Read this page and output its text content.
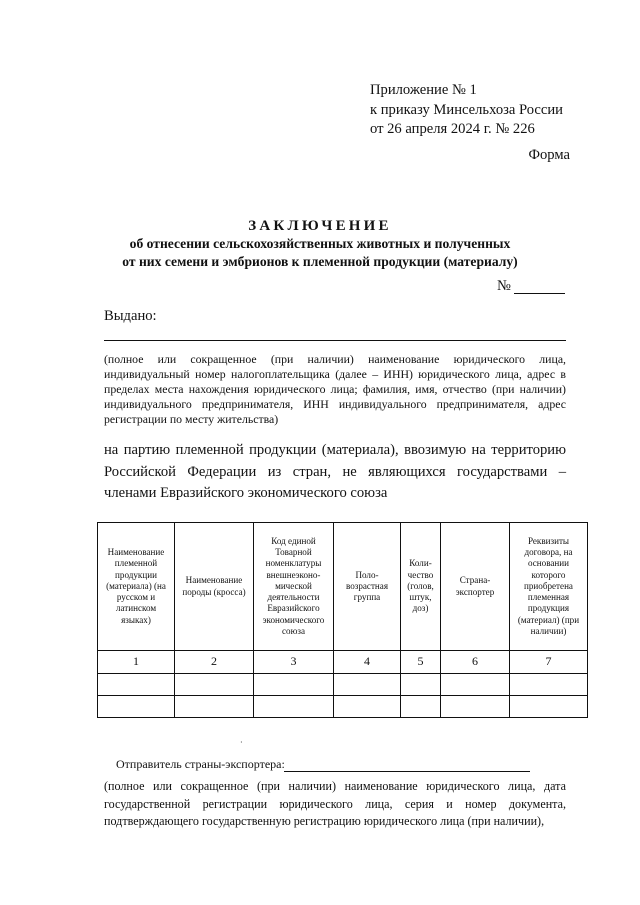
Приложение № 1
к приказу Минсельхоза России
от 26 апреля 2024 г. № 226
Форма
ЗАКЛЮЧЕНИЕ
об отнесении сельскохозяйственных животных и полученных
от них семени и эмбрионов к племенной продукции (материалу)
№
Выдано:
(полное или сокращенное (при наличии) наименование юридического лица, индивидуальный номер налогоплательщика (далее – ИНН) юридического лица, адрес в пределах места нахождения юридического лица; фамилия, имя, отчество (при наличии) индивидуального предпринимателя, ИНН индивидуального предпринимателя, адрес регистрации по месту жительства)
на партию племенной продукции (материала), ввозимую на территорию Российской Федерации из стран, не являющихся государствами – членами Евразийского экономического союза
Наименование племенной продукции (материала) (на русском и латинском языках)	Наименование породы (кросса)	Код единой Товарной номенклатуры внешнеэконо-мической деятельности Евразийского экономического союза	Поло-возрастная группа	Коли-чество (голов, штук, доз)	Страна-экспортер	Реквизиты договора, на основании которого приобретена племенная продукция (материал) (при наличии)
1	2	3	4	5	6	7

·
Отправитель страны-экспортера:
(полное или сокращенное (при наличии) наименование юридического лица, дата государственной регистрации юридического лица, серия и номер документа, подтверждающего государственную регистрацию юридического лица (при наличии),
